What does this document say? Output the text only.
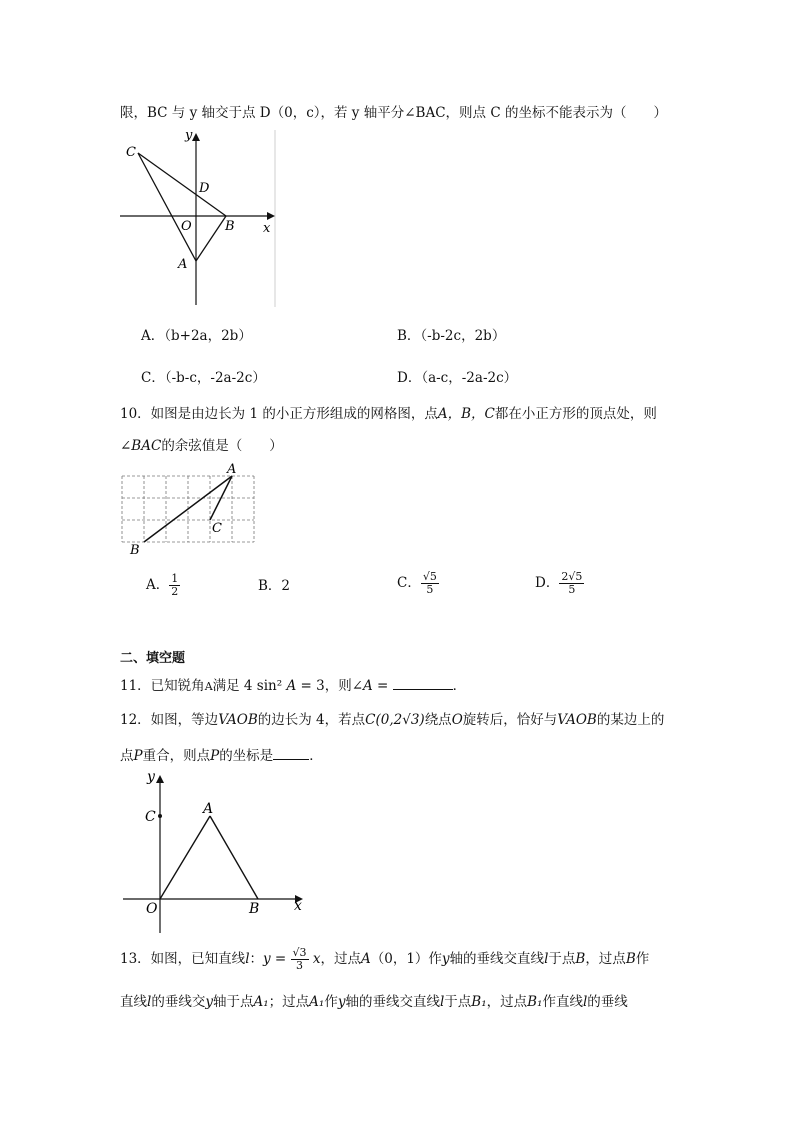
限，BC 与 y 轴交于点 D（0，c），若 y 轴平分∠BAC，则点 C 的坐标不能表示为（　　）
y
C
D
O	B x
A
A．（b+2a，2b）	B．（-b-2c，2b）
C．（-b-c，-2a-2c）	D．（a-c，-2a-2c）
10．如图是由边长为 1 的小正方形组成的网格图，点A，B，C都在小正方形的顶点处，则
∠BAC的余弦值是（　　）
A
C
B
A． $\frac{1}{2}$	B．2	C． $\frac{√5}{5}$	D． $\frac{2√5}{5}$
二、填空题
11．已知锐角A满足 4 sin² A = 3，则∠A =	．
12．如图，等边VAOB的边长为 4，若点C(0,2√3)绕点O旋转后，恰好与VAOB的某边上的
点P重合，则点P的坐标是	．
y
A
C
O	B x
13．如图，已知直线l：$y = \frac{√3}{3}$ x，过点A（0，1）作y轴的垂线交直线l于点B，过点B作
直线l的垂线交y轴于点A₁；过点A₁作y轴的垂线交直线l于点B₁，过点B₁作直线l的垂线
